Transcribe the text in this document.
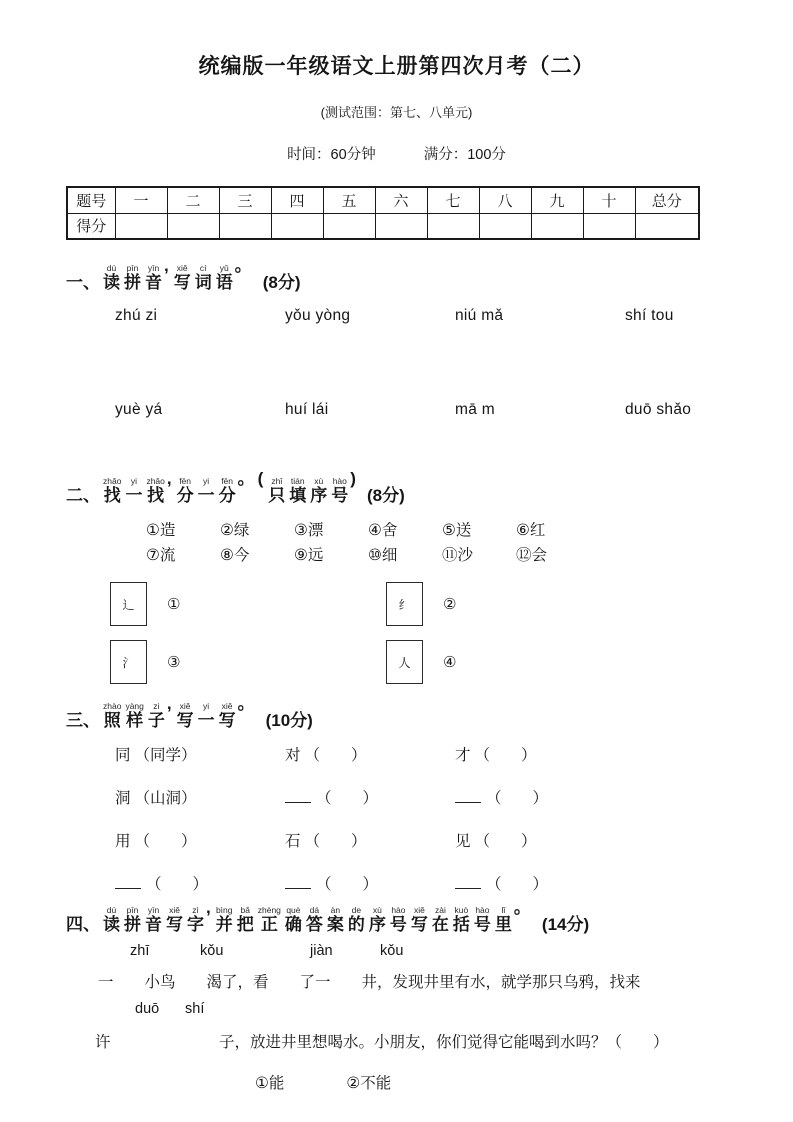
统编版一年级语文上册第四次月考（二）
(测试范围：第七、八单元)
时间：60分钟	满分：100分
题号	一	二	三	四	五	六	七	八	九	十	总分
得分											
一、
dú
读
pīn
拼
yīn
音
, xiě
写
cí
词
yǔ
语
。
(8分)
zhú zi	yǒu yòng	niú mǎ	shí tou
yuè yá	huí lái	mā m	duō shǎo
二、
zhǎo
找
yi
一
zhǎo
找
, fēn
分
yi
一
fēn
分
。 ( zhǐ
只
tián
填
xù
序
hào
号
)
(8分)
①造	②绿	③漂	④舍	⑤送	⑥红
⑦流	⑧今	⑨远	⑩细	⑪沙	⑫会
辶	①	纟	②
氵	③	人	④
三、
zhào
照
yàng
样
zi
子
, xiě
写
yi
一
xiě
写
。
(10分)
同 （同学）	对 （　　）	才 （　　）
洞 （山洞）	（　　）	（　　）
用 （　　）	石 （　　）	见 （　　）
（　　）	（　　）	（　　）
四、
dú
读
pīn
拼
yīn
音
xiě
写
zì
字
, bìng
并
bǎ
把
zhèng
正
què
确
dá
答
àn
案
de
的
xù
序
hào
号
xiě
写
zài
在
kuò
括
hào
号
lǐ
里
。
(14分)
zhī	kǒu	jiàn	kǒu
一　　小鸟　　渴了，看　　了一　　井，发现井里有水，就学那只乌鸦，找来
duō shí
许　　　　　　　子，放进井里想喝水。小朋友，你们觉得它能喝到水吗？（　　）
①能	②不能
